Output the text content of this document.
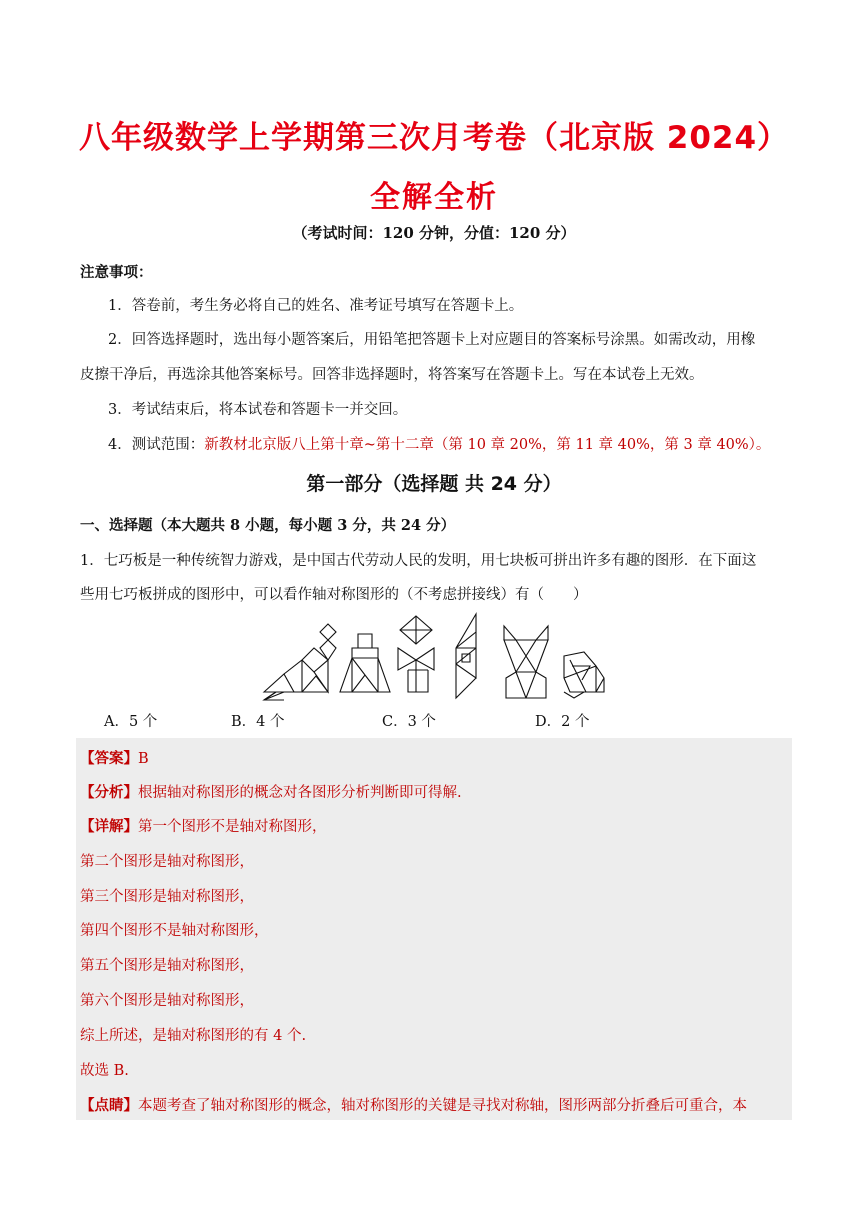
八年级数学上学期第三次月考卷（北京版 2024）
全解全析
（考试时间：120 分钟，分值：120 分）
注意事项：
1．答卷前，考生务必将自己的姓名、准考证号填写在答题卡上。
2．回答选择题时，选出每小题答案后，用铅笔把答题卡上对应题目的答案标号涂黑。如需改动，用橡
皮擦干净后，再选涂其他答案标号。回答非选择题时，将答案写在答题卡上。写在本试卷上无效。
3．考试结束后，将本试卷和答题卡一并交回。
4．测试范围：新教材北京版八上第十章~第十二章（第 10 章 20%，第 11 章 40%，第 3 章 40%）。
第一部分（选择题 共 24 分）
一、选择题（本大题共 8 小题，每小题 3 分，共 24 分）
1．七巧板是一种传统智力游戏，是中国古代劳动人民的发明，用七块板可拼出许多有趣的图形．在下面这
些用七巧板拼成的图形中，可以看作轴对称图形的（不考虑拼接线）有（　　）
A．5 个	B．4 个	C．3 个	D．2 个
【答案】B
【分析】根据轴对称图形的概念对各图形分析判断即可得解.
【详解】第一个图形不是轴对称图形，
第二个图形是轴对称图形，
第三个图形是轴对称图形，
第四个图形不是轴对称图形，
第五个图形是轴对称图形，
第六个图形是轴对称图形，
综上所述，是轴对称图形的有 4 个.
故选 B.
【点睛】本题考查了轴对称图形的概念，轴对称图形的关键是寻找对称轴，图形两部分折叠后可重合，本
